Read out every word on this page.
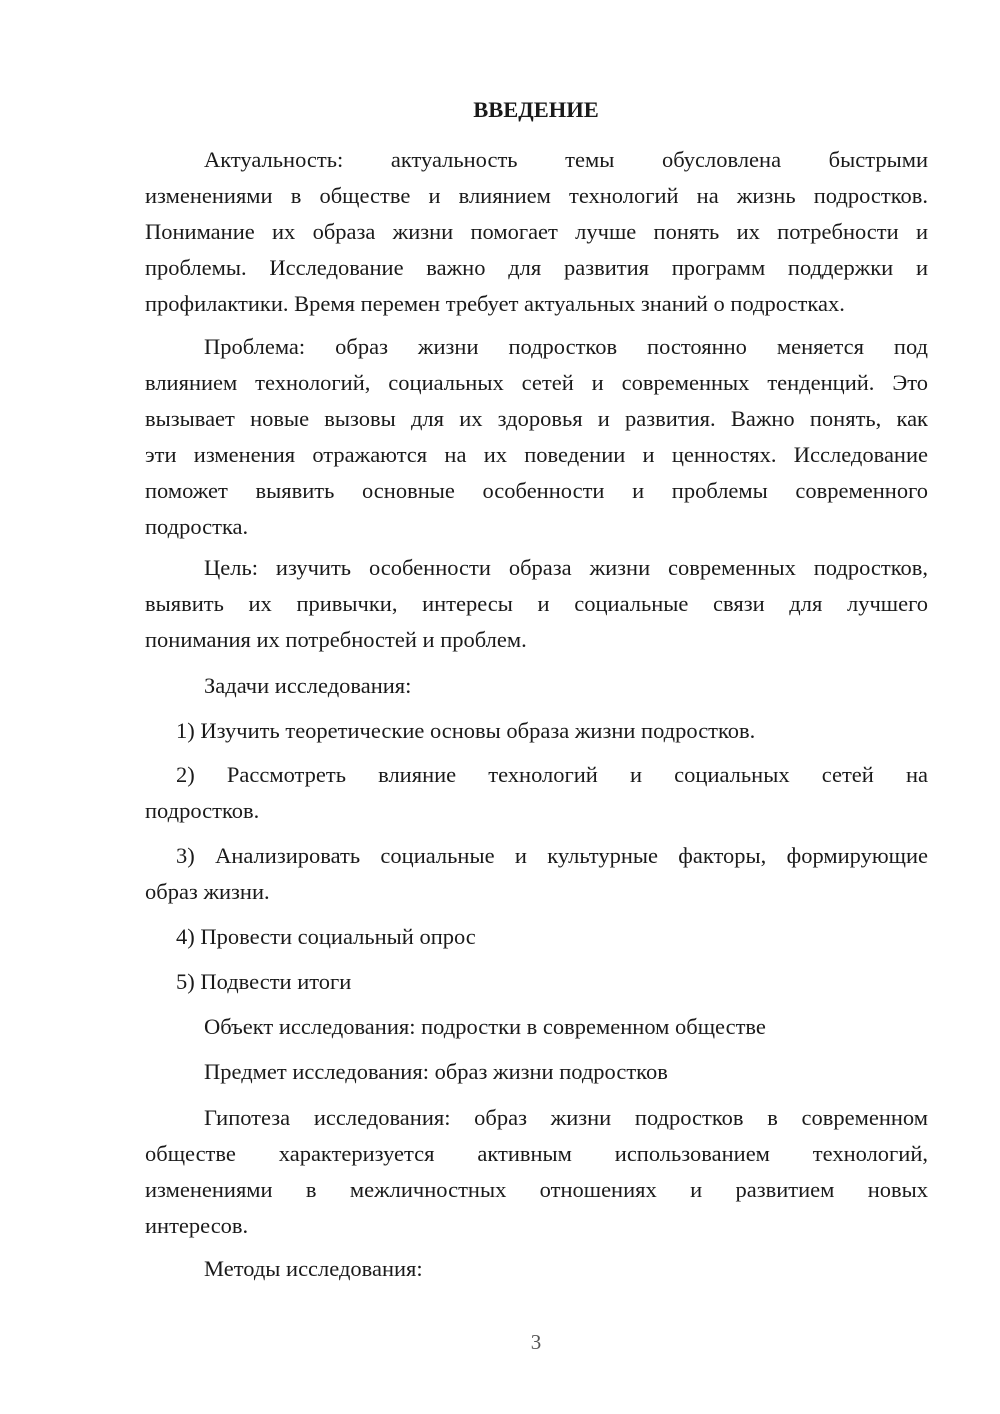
ВВЕДЕНИЕ
Актуальность: актуальность темы обусловлена быстрыми
изменениями в обществе и влиянием технологий на жизнь подростков.
Понимание их образа жизни помогает лучше понять их потребности и
проблемы. Исследование важно для развития программ поддержки и
профилактики. Время перемен требует актуальных знаний о подростках.
Проблема: образ жизни подростков постоянно меняется под
влиянием технологий, социальных сетей и современных тенденций. Это
вызывает новые вызовы для их здоровья и развития. Важно понять, как
эти изменения отражаются на их поведении и ценностях. Исследование
поможет выявить основные особенности и проблемы современного
подростка.
Цель: изучить особенности образа жизни современных подростков,
выявить их привычки, интересы и социальные связи для лучшего
понимания их потребностей и проблем.
Задачи исследования:
1) Изучить теоретические основы образа жизни подростков.
2) Рассмотреть влияние технологий и социальных сетей на
подростков.
3) Анализировать социальные и культурные факторы, формирующие
образ жизни.
4) Провести социальный опрос
5) Подвести итоги
Объект исследования: подростки в современном обществе
Предмет исследования: образ жизни подростков
Гипотеза исследования: образ жизни подростков в современном
обществе характеризуется активным использованием технологий,
изменениями в межличностных отношениях и развитием новых
интересов.
Методы исследования:
3
